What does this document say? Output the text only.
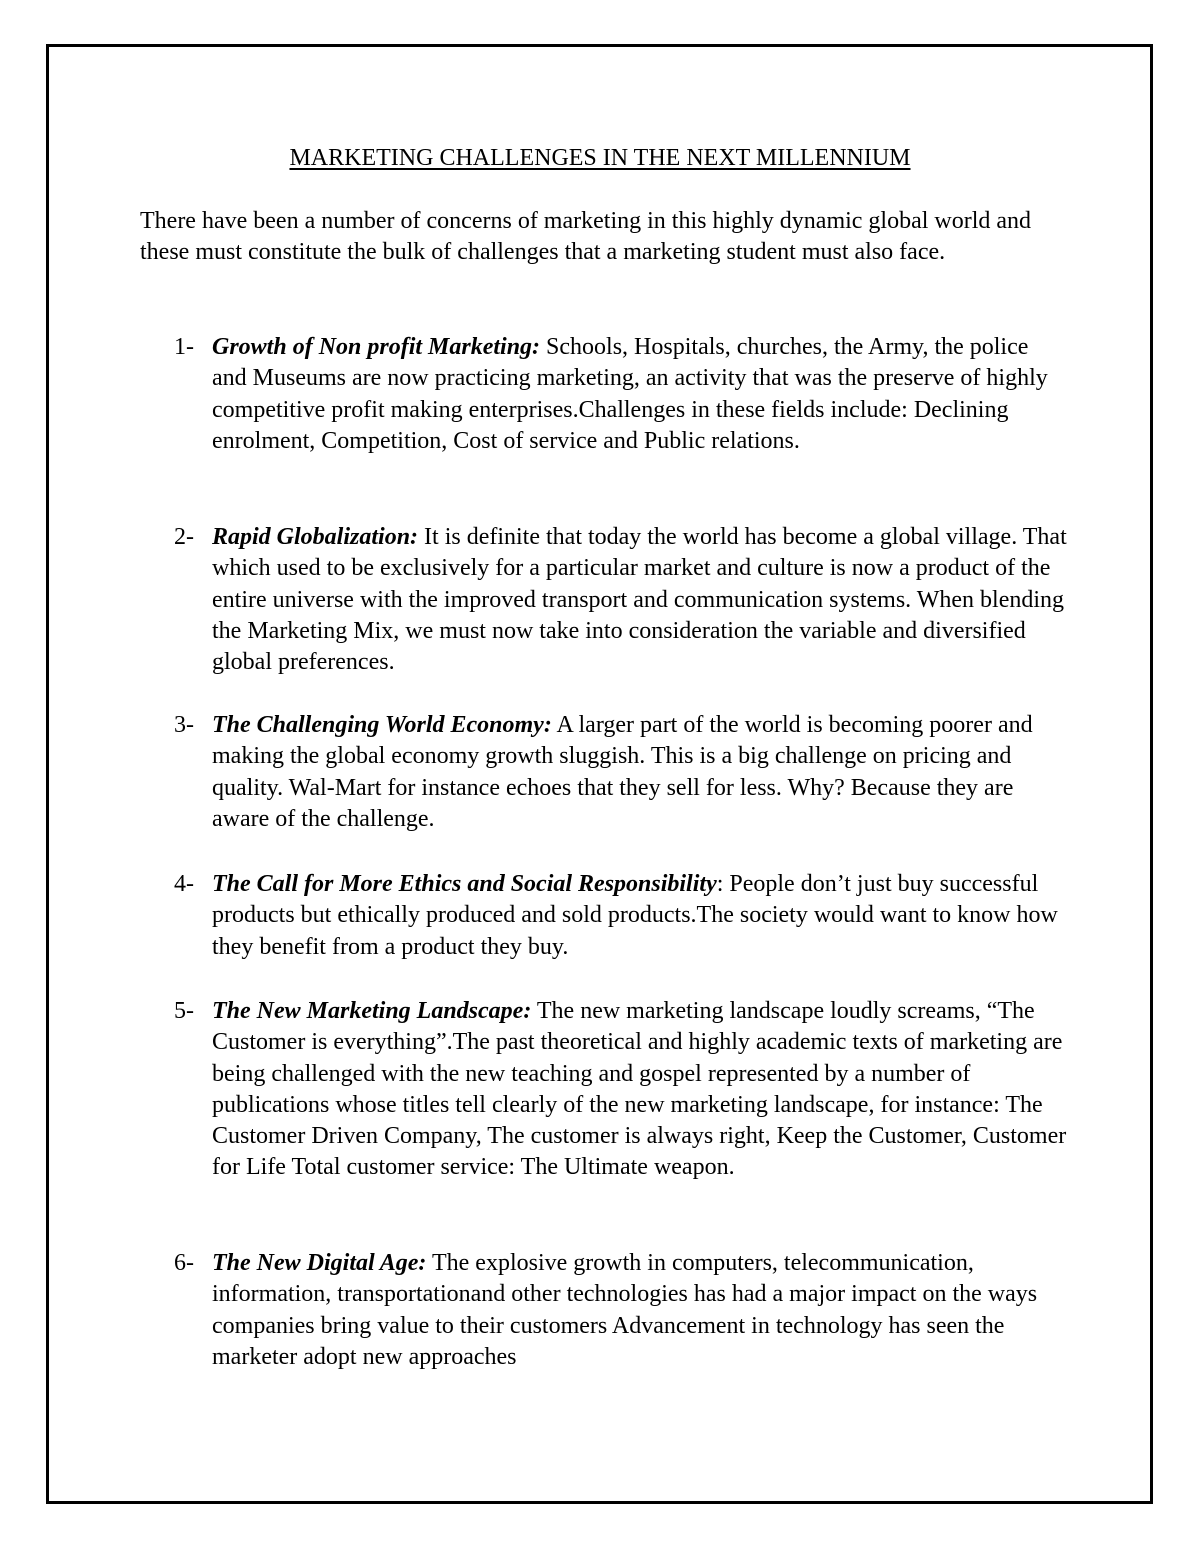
MARKETING CHALLENGES IN THE NEXT MILLENNIUM

There have been a number of concerns of marketing in this highly dynamic global world and these must constitute the bulk of challenges that a marketing student must also face.

1- Growth of Non profit Marketing: Schools, Hospitals, churches, the Army, the police and Museums are now practicing marketing, an activity that was the preserve of highly competitive profit making enterprises.Challenges in these fields include: Declining enrolment, Competition, Cost of service and Public relations.
2- Rapid Globalization: It is definite that today the world has become a global village. That which used to be exclusively for a particular market and culture is now a product of the entire universe with the improved transport and communication systems. When blending the Marketing Mix, we must now take into consideration the variable and diversified global preferences.
3- The Challenging World Economy: A larger part of the world is becoming poorer and making the global economy growth sluggish. This is a big challenge on pricing and quality. Wal-Mart for instance echoes that they sell for less. Why? Because they are aware of the challenge.
4- The Call for More Ethics and Social Responsibility: People don’t just buy successful products but ethically produced and sold products.The society would want to know how they benefit from a product they buy.
5- The New Marketing Landscape: The new marketing landscape loudly screams, “The Customer is everything”.The past theoretical and highly academic texts of marketing are being challenged with the new teaching and gospel represented by a number of publications whose titles tell clearly of the new marketing landscape, for instance: The Customer Driven Company, The customer is always right, Keep the Customer, Customer for Life Total customer service: The Ultimate weapon.
6- The New Digital Age: The explosive growth in computers, telecommunication, information, transportationand other technologies has had a major impact on the ways companies bring value to their customers Advancement in technology has seen the marketer adopt new approaches
